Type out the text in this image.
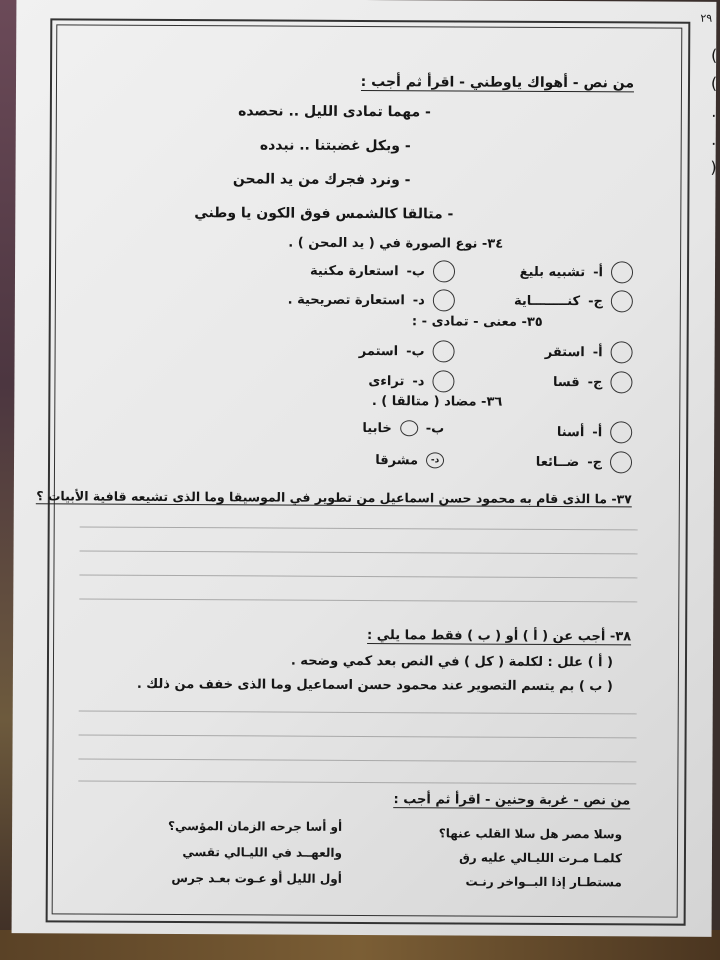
٢٩
(
(
.
.
)
من نص - أهواك ياوطني - اقرأ ثم أجب :
- مهما تمادى الليل .. نحصده
- وبكل غضبتنا .. نبدده
- ونرد فجرك من يد المحن
- متالقا كالشمس فوق الكون يا وطني
٣٤- نوع الصورة في ( يد المحن ) .
أ-
تشبيه بليغ
ب-
استعارة مكنية
ج-
كنــــــــاية
د-
استعارة تصريحية .
٣٥- معنى - تمادى - :
أ-
استقر
ب-
استمر
ج-
قسا
د-
تراءى
٣٦- مضاد ( متالقا ) .
أ-
أسنا
ب-
خابيا
ج-
ضــائعا
د-
مشرقا
٣٧- ما الذى قام به محمود حسن اسماعيل من تطوير في الموسيقا وما الذى تشيعه قافية الأبيات ؟
٣٨- أجب عن ( أ ) أو ( ب ) فقط مما يلي :
( أ ) علل : لكلمة ( كل ) في النص بعد كمي وضحه .
( ب ) بم يتسم التصوير عند محمود حسن اسماعيل وما الذى خفف من ذلك .
من نص - غربة وحنين - اقرأ ثم أجب :
وسلا مصر هل سلا القلب عنها؟
أو أسا جرحه الزمان المؤسي؟
كلمـا مـرت الليـالي عليه رق
والعهــد في الليـالي تقسي
مستطـار إذا البــواخر رنـت
أول الليل أو عـوت بعـد جرس
